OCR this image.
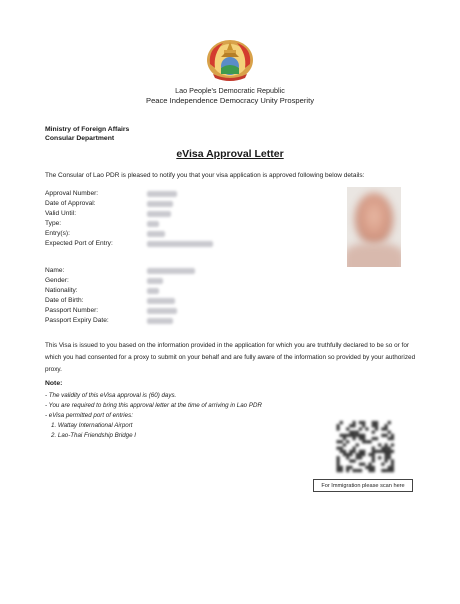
Lao People's Democratic Republic
Peace Independence Democracy Unity Prosperity
Ministry of Foreign Affairs
Consular Department
eVisa Approval Letter
The Consular of Lao PDR is pleased to notify you that your visa application is approved following below details:
Approval Number:
Date of Approval:
Valid Until:
Type:
Entry(s):
Expected Port of Entry:
Name:
Gender:
Nationality:
Date of Birth:
Passport Number:
Passport Expiry Date:
This Visa is issued to you based on the information provided in the application for which you are truthfully declared to be so or for which you had consented for a proxy to submit on your behalf and are fully aware of the information so provided by your authorized proxy.
Note:
- The validity of this eVisa approval is (60) days.
- You are required to bring this approval letter at the time of arriving in Lao PDR
- eVisa permitted port of entries:
1. Wattay International Airport
2. Lao-Thai Friendship Bridge I
For Immigration please scan here
